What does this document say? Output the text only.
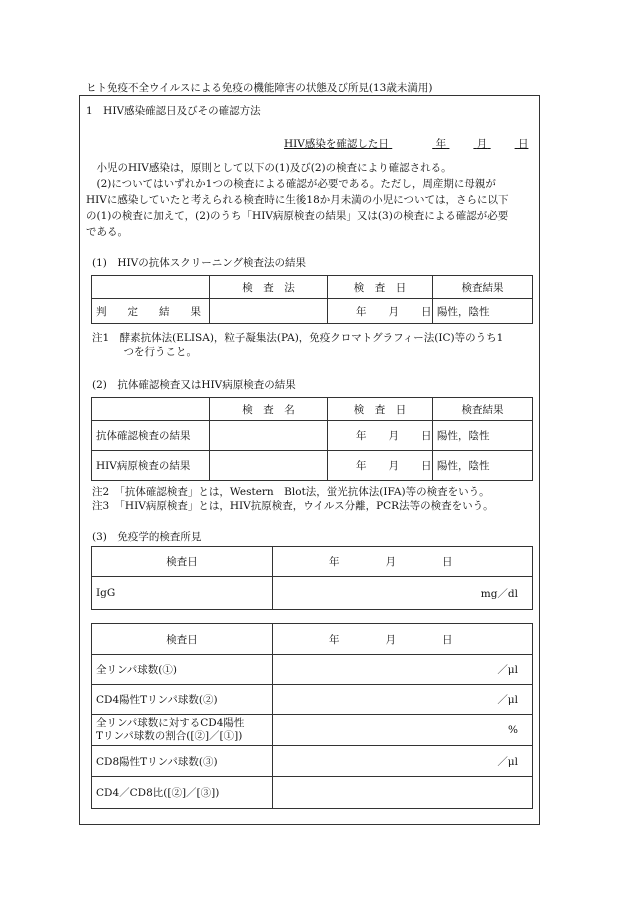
ヒト免疫不全ウイルスによる免疫の機能障害の状態及び所見(13歳未満用)
1　HIV感染確認日及びその確認方法
HIV感染を確認した日	年	月	日

　小児のHIV感染は，原則として以下の(1)及び(2)の検査により確認される。

　(2)についてはいずれか1つの検査による確認が必要である。ただし，周産期に母親が

HIVに感染していたと考えられる検査時に生後18か月未満の小児については，さらに以下

の(1)の検査に加えて，(2)のうち「HIV病原検査の結果」又は(3)の検査による確認が必要

である。

(1)　HIVの抗体スクリーニング検査法の結果
	検　査　法	検　査　日	検査結果
判　　定　　結　　果		年 月 日	陽性，陰性

注1　酵素抗体法(ELISA)，粒子凝集法(PA)，免疫クロマトグラフィー法(IC)等のうち1

　　　つを行うこと。

(2)　抗体確認検査又はHIV病原検査の結果
	検　査　名	検　査　日	検査結果
抗体確認検査の結果		年 月 日	陽性，陰性
HIV病原検査の結果		年 月 日	陽性，陰性

注2　「抗体確認検査」とは，Western　Blot法，蛍光抗体法(IFA)等の検査をいう。

注3　「HIV病原検査」とは，HIV抗原検査，ウイルス分離，PCR法等の検査をいう。

(3)　免疫学的検査所見
検査日	年 月 日
IgG	mg／dl
検査日	年 月 日
全リンパ球数(①)	／μl
CD4陽性Tリンパ球数(②)	／μl
全リンパ球数に対するCD4陽性
Tリンパ球数の割合([②]／[①])	%
CD8陽性Tリンパ球数(③)	／μl
CD4／CD8比([②]／[③])	
